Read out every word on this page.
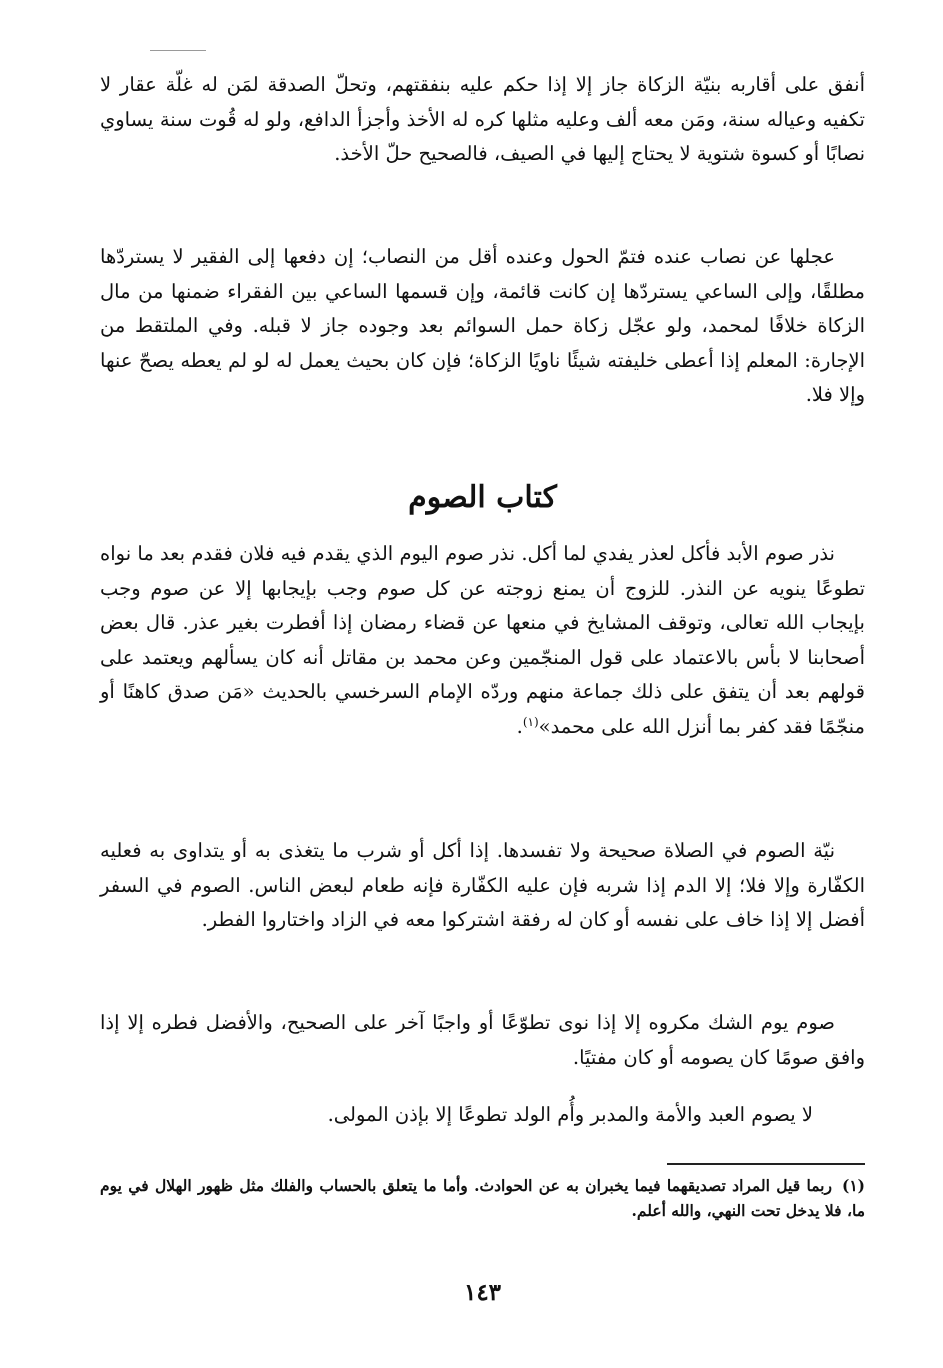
أنفق على أقاربه بنيّة الزكاة جاز إلا إذا حكم عليه بنفقتهم، وتحلّ الصدقة لمَن له غلّة عقار لا تكفيه وعياله سنة، ومَن معه ألف وعليه مثلها كره له الأخذ وأجزأ الدافع، ولو له قُوت سنة يساوي نصابًا أو كسوة شتوية لا يحتاج إليها في الصيف، فالصحيح حلّ الأخذ.

عجلها عن نصاب عنده فتمّ الحول وعنده أقل من النصاب؛ إن دفعها إلى الفقير لا يستردّها مطلقًا، وإلى الساعي يستردّها إن كانت قائمة، وإن قسمها الساعي بين الفقراء ضمنها من مال الزكاة خلافًا لمحمد، ولو عجّل زكاة حمل السوائم بعد وجوده جاز لا قبله. وفي الملتقط من الإجارة: المعلم إذا أعطى خليفته شيئًا ناويًا الزكاة؛ فإن كان بحيث يعمل له لو لم يعطه يصحّ عنها وإلا فلا.

كتاب الصوم

نذر صوم الأبد فأكل لعذر يفدي لما أكل. نذر صوم اليوم الذي يقدم فيه فلان فقدم بعد ما نواه تطوعًا ينويه عن النذر. للزوج أن يمنع زوجته عن كل صوم وجب بإيجابها إلا عن صوم وجب بإيجاب الله تعالى، وتوقف المشايخ في منعها عن قضاء رمضان إذا أفطرت بغير عذر. قال بعض أصحابنا لا بأس بالاعتماد على قول المنجّمين وعن محمد بن مقاتل أنه كان يسألهم ويعتمد على قولهم بعد أن يتفق على ذلك جماعة منهم وردّه الإمام السرخسي بالحديث «مَن صدق كاهنًا أو منجّمًا فقد كفر بما أنزل الله على محمد»$^{(١)}$.

نيّة الصوم في الصلاة صحيحة ولا تفسدها. إذا أكل أو شرب ما يتغذى به أو يتداوى به فعليه الكفّارة وإلا فلا؛ إلا الدم إذا شربه فإن عليه الكفّارة فإنه طعام لبعض الناس. الصوم في السفر أفضل إلا إذا خاف على نفسه أو كان له رفقة اشتركوا معه في الزاد واختاروا الفطر.

صوم يوم الشك مكروه إلا إذا نوى تطوّعًا أو واجبًا آخر على الصحيح، والأفضل فطره إلا إذا وافق صومًا كان يصومه أو كان مفتيًا.

لا يصوم العبد والأمة والمدبر وأُم الولد تطوعًا إلا بإذن المولى.

(١)ربما قيل المراد تصديقهما فيما يخبران به عن الحوادث. وأما ما يتعلق بالحساب والفلك مثل ظهور الهلال في يوم ما، فلا يدخل تحت النهي، والله أعلم.

١٤٣
